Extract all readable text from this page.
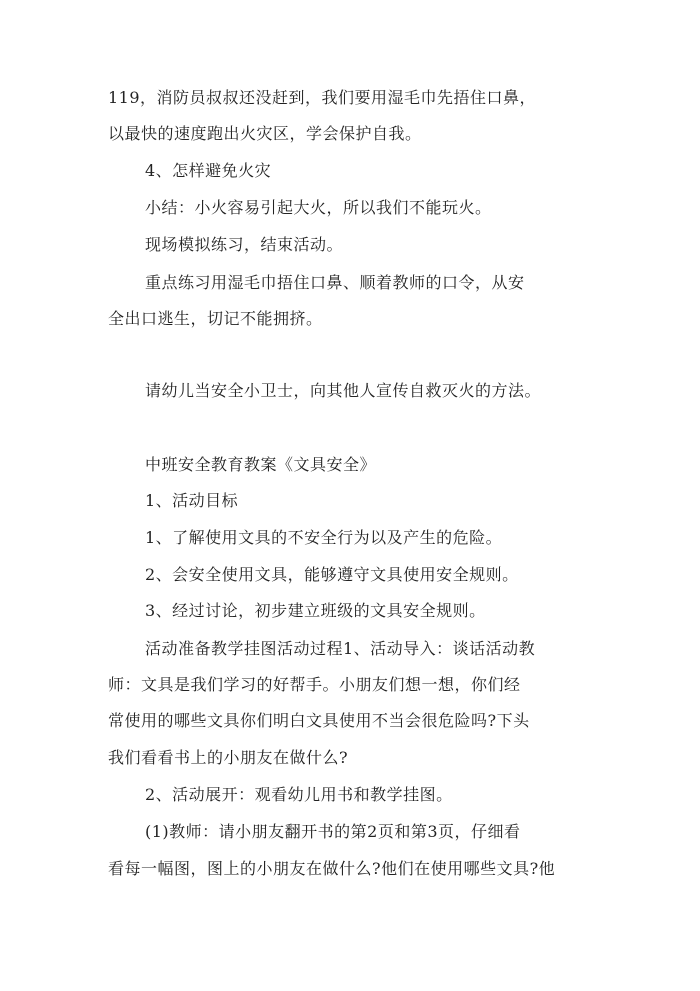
119，消防员叔叔还没赶到，我们要用湿毛巾先捂住口鼻，
以最快的速度跑出火灾区，学会保护自我。
4、怎样避免火灾
小结：小火容易引起大火，所以我们不能玩火。
现场模拟练习，结束活动。
重点练习用湿毛巾捂住口鼻、顺着教师的口令，从安
全出口逃生，切记不能拥挤。
请幼儿当安全小卫士，向其他人宣传自救灭火的方法。
中班安全教育教案《文具安全》
1、活动目标
1、了解使用文具的不安全行为以及产生的危险。
2、会安全使用文具，能够遵守文具使用安全规则。
3、经过讨论，初步建立班级的文具安全规则。
活动准备教学挂图活动过程1、活动导入：谈话活动教
师：文具是我们学习的好帮手。小朋友们想一想，你们经
常使用的哪些文具你们明白文具使用不当会很危险吗?下头
我们看看书上的小朋友在做什么?
2、活动展开：观看幼儿用书和教学挂图。
(1)教师：请小朋友翻开书的第2页和第3页，仔细看
看每一幅图，图上的小朋友在做什么?他们在使用哪些文具?他
